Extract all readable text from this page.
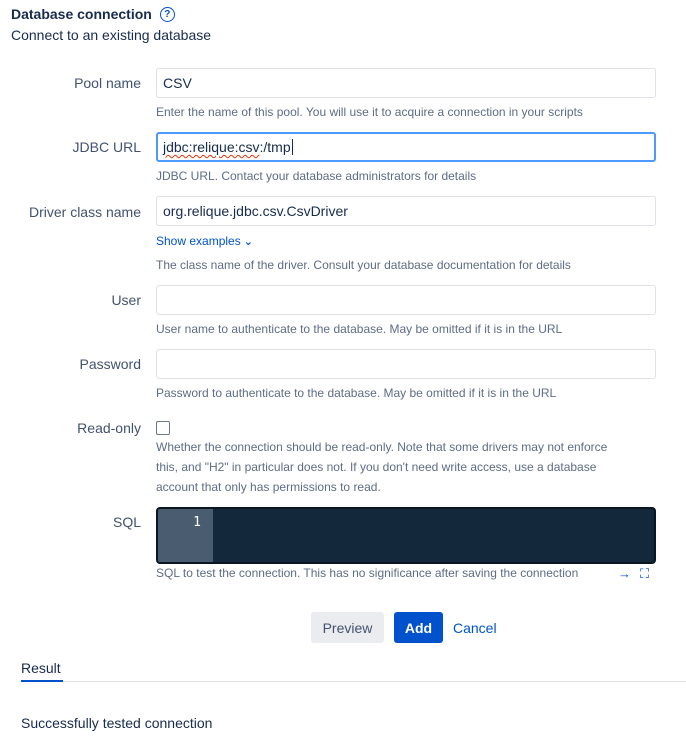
Database connection	?
Connect to an existing database
Pool name CSV
Enter the name of this pool. You will use it to acquire a connection in your scripts
JDBC URL jdbc:relique:csv :/tmp
JDBC URL. Contact your database administrators for details
Driver class name org.relique.jdbc.csv.CsvDriver
Show examples ⌄
The class name of the driver. Consult your database documentation for details
User
User name to authenticate to the database. May be omitted if it is in the URL
Password
Password to authenticate to the database. May be omitted if it is in the URL
Read-only
Whether the connection should be read-only. Note that some drivers may not enforce
this, and "H2" in particular does not. If you don't need write access, use a database
account that only has permissions to read.
SQL	1
SQL to test the connection. This has no significance after saving the connection	→ ⛶
Preview	Add	Cancel
Result
Successfully tested connection
